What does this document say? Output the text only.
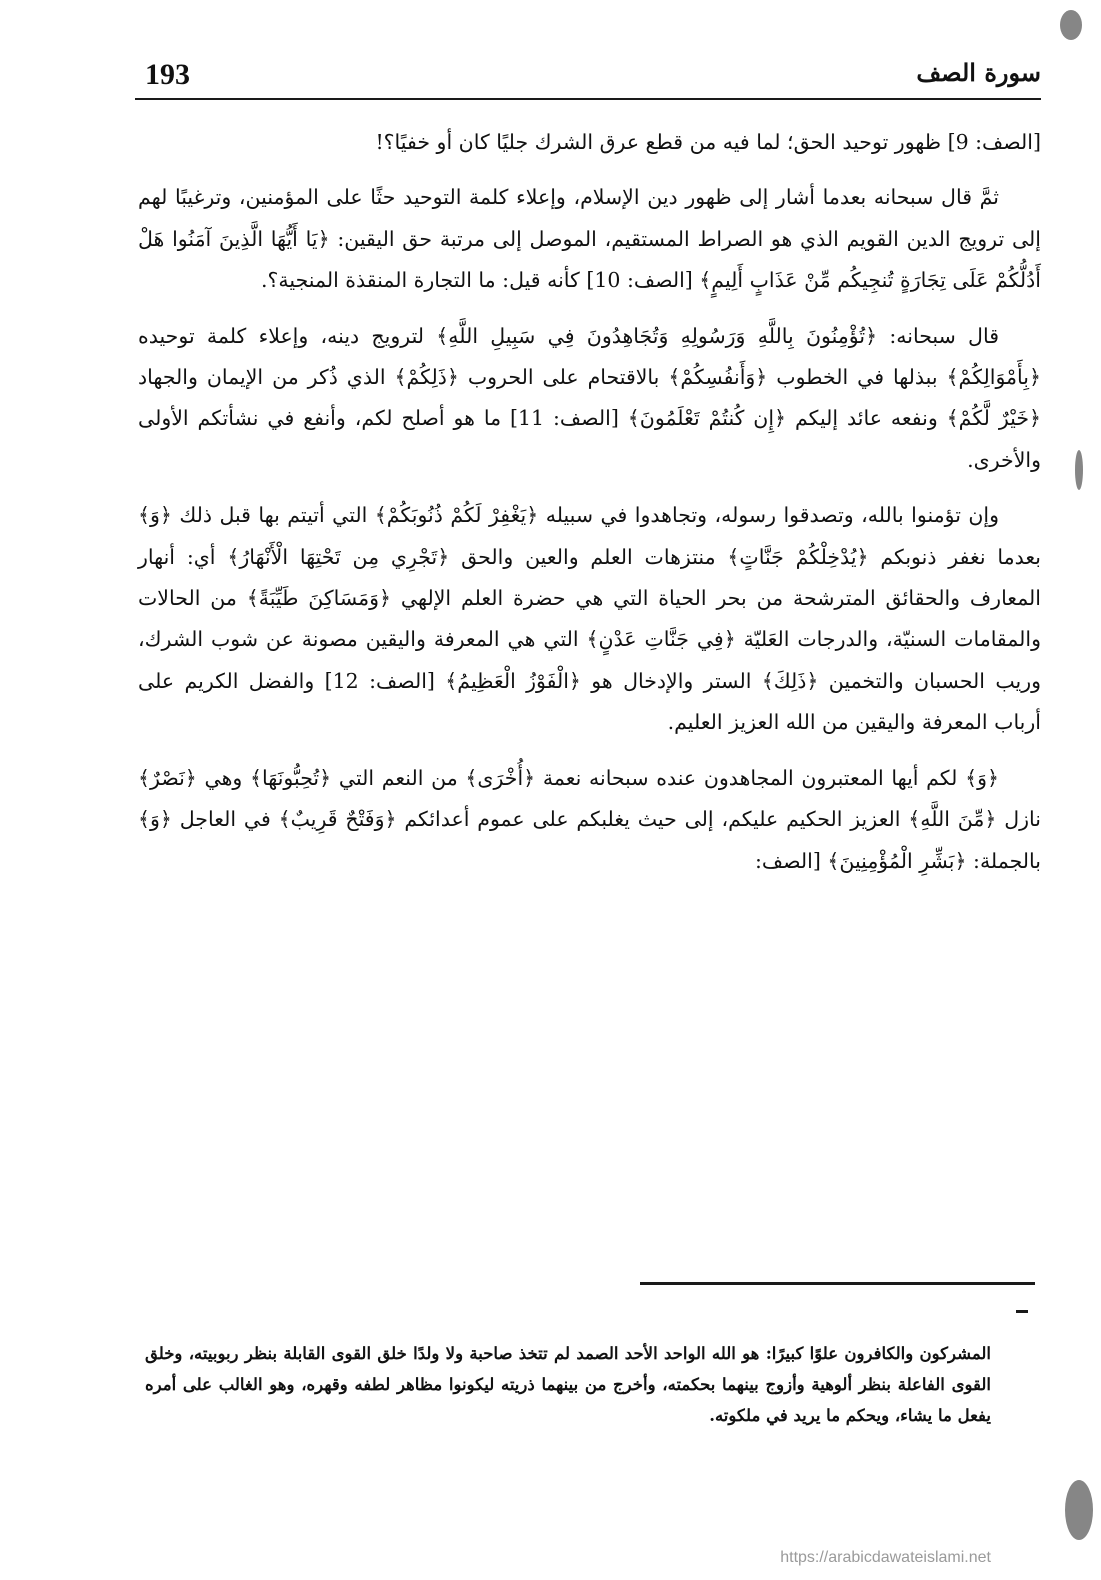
193	سورة الصف

[الصف: 9] ظهور توحيد الحق؛ لما فيه من قطع عرق الشرك جليًا كان أو خفيًا؟!

ثمَّ قال سبحانه بعدما أشار إلى ظهور دين الإسلام، وإعلاء كلمة التوحيد حثًا على المؤمنين، وترغيبًا لهم إلى ترويج الدين القويم الذي هو الصراط المستقيم، الموصل إلى مرتبة حق اليقين: ﴿يَا أَيُّهَا الَّذِينَ آمَنُوا هَلْ أَدُلُّكُمْ عَلَى تِجَارَةٍ تُنجِيكُم مِّنْ عَذَابٍ أَلِيمٍ﴾ [الصف: 10] كأنه قيل: ما التجارة المنقذة المنجية؟.

قال سبحانه: ﴿تُؤْمِنُونَ بِاللَّهِ وَرَسُولِهِ وَتُجَاهِدُونَ فِي سَبِيلِ اللَّهِ﴾ لترويج دينه، وإعلاء كلمة توحيده ﴿بِأَمْوَالِكُمْ﴾ ببذلها في الخطوب ﴿وَأَنفُسِكُمْ﴾ بالاقتحام على الحروب ﴿ذَلِكُمْ﴾ الذي ذُكر من الإيمان والجهاد ﴿خَيْرٌ لَّكُمْ﴾ ونفعه عائد إليكم ﴿إِن كُنتُمْ تَعْلَمُونَ﴾ [الصف: 11] ما هو أصلح لكم، وأنفع في نشأتكم الأولى والأخرى.

وإن تؤمنوا بالله، وتصدقوا رسوله، وتجاهدوا في سبيله ﴿يَغْفِرْ لَكُمْ ذُنُوبَكُمْ﴾ التي أتيتم بها قبل ذلك ﴿وَ﴾ بعدما نغفر ذنوبكم ﴿يُدْخِلْكُمْ جَنَّاتٍ﴾ منتزهات العلم والعين والحق ﴿تَجْرِي مِن تَحْتِهَا الْأَنْهَارُ﴾ أي: أنهار المعارف والحقائق المترشحة من بحر الحياة التي هي حضرة العلم الإلهي ﴿وَمَسَاكِنَ طَيِّبَةً﴾ من الحالات والمقامات السنيّة، والدرجات العَليّة ﴿فِي جَنَّاتِ عَدْنٍ﴾ التي هي المعرفة واليقين مصونة عن شوب الشرك، وريب الحسبان والتخمين ﴿ذَلِكَ﴾ الستر والإدخال هو ﴿الْفَوْزُ الْعَظِيمُ﴾ [الصف: 12] والفضل الكريم على أرباب المعرفة واليقين من الله العزيز العليم.

﴿وَ﴾ لكم أيها المعتبرون المجاهدون عنده سبحانه نعمة ﴿أُخْرَى﴾ من النعم التي ﴿تُحِبُّونَهَا﴾ وهي ﴿نَصْرٌ﴾ نازل ﴿مِّنَ اللَّهِ﴾ العزيز الحكيم عليكم، إلى حيث يغلبكم على عموم أعدائكم ﴿وَفَتْحٌ قَرِيبٌ﴾ في العاجل ﴿وَ﴾ بالجملة: ﴿بَشِّرِ الْمُؤْمِنِينَ﴾ [الصف:

المشركون والكافرون علوًا كبيرًا: هو الله الواحد الأحد الصمد لم تتخذ صاحبة ولا ولدًا خلق القوى القابلة بنظر ربوبيته، وخلق القوى الفاعلة بنظر ألوهية وأزوج بينهما بحكمته، وأخرج من بينهما ذريته ليكونوا مظاهر لطفه وقهره، وهو الغالب على أمره يفعل ما يشاء، ويحكم ما يريد في ملكوته.

https://arabicdawateislami.net
